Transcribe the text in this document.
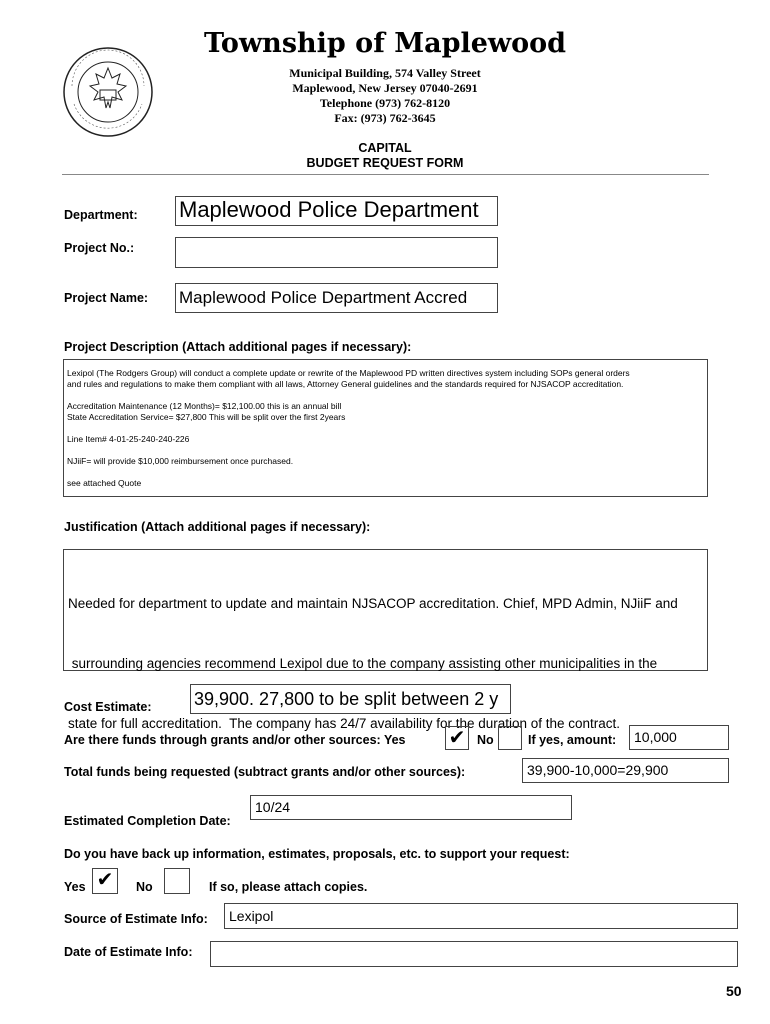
Township of Maplewood
Municipal Building, 574 Valley Street
Maplewood, New Jersey 07040-2691
Telephone (973) 762-8120
Fax: (973) 762-3645
CAPITAL
BUDGET REQUEST FORM
Department: Maplewood Police Department
Project No.:
Project Name: Maplewood Police Department Accred
Project Description (Attach additional pages if necessary):

Lexipol (The Rodgers Group) will conduct a complete update or rewrite of the Maplewood PD written directives system including SOPs general orders

and rules and regulations to make them compliant with all laws, Attorney General guidelines and the standards required for NJSACOP accreditation.

Accreditation Maintenance (12 Months)= $12,100.00 this is an annual bill

State Accreditation Service= $27,800 This will be split over the first 2years

Line Item# 4-01-25-240-240-226

NJiiF= will provide $10,000 reimbursement once purchased.

see attached Quote

Justification (Attach additional pages if necessary):

Needed for department to update and maintain NJSACOP accreditation. Chief, MPD Admin, NJiiF and

surrounding agencies recommend Lexipol due to the company assisting other municipalities in the

state for full accreditation.  The company has 24/7 availability for the duration of the contract.

Cost Estimate: 39,900. 27,800 to be split between 2 y
Are there funds through grants and/or other sources: Yes ✔ No	If yes, amount:	10,000
Total funds being requested (subtract grants and/or other sources):	39,900-10,000=29,900
Estimated Completion Date:
10/24
Do you have back up information, estimates, proposals, etc. to support your request:
Yes ✔	No	If so, please attach copies.
Source of Estimate Info:	Lexipol
Date of Estimate Info:
50
